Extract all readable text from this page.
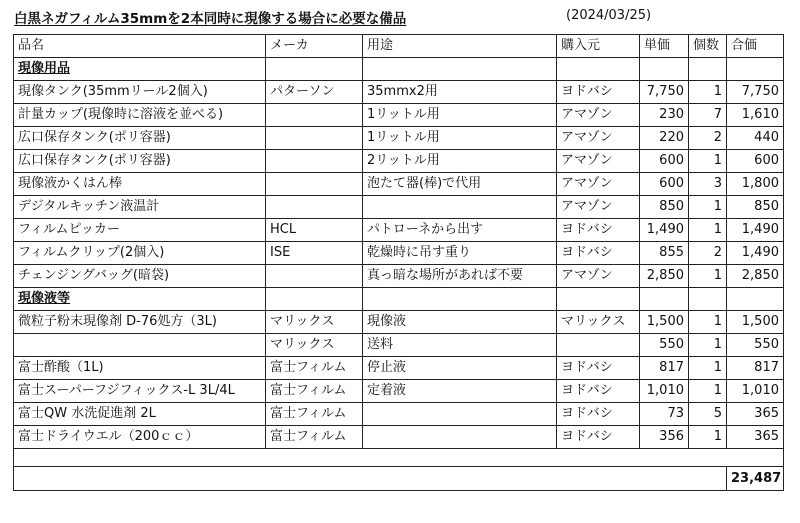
白黒ネガフィルム35mmを2本同時に現像する場合に必要な備品	(2024/03/25)
品名	メーカ	用途	購入元	単価	個数	合価
現像用品						
現像タンク(35mmリール2個入)	パターソン	35mmx2用	ヨドバシ	7,750	1	7,750
計量カップ(現像時に溶液を並べる)		1リットル用	アマゾン	230	7	1,610
広口保存タンク(ポリ容器)		1リットル用	アマゾン	220	2	440
広口保存タンク(ポリ容器)		2リットル用	アマゾン	600	1	600
現像液かくはん棒		泡たて器(棒)で代用	アマゾン	600	3	1,800
デジタルキッチン液温計			アマゾン	850	1	850
フィルムピッカー	HCL	パトローネから出す	ヨドバシ	1,490	1	1,490
フィルムクリップ(2個入)	ISE	乾燥時に吊す重り	ヨドバシ	855	2	1,490
チェンジングバッグ(暗袋)		真っ暗な場所があれば不要	アマゾン	2,850	1	2,850
現像液等						
微粒子粉末現像剤 D-76処方（3L)	マリックス	現像液	マリックス	1,500	1	1,500
	マリックス	送料		550	1	550
富士酢酸（1L)	富士フィルム	停止液	ヨドバシ	817	1	817
富士スーパーフジフィックス-L 3L/4L	富士フィルム	定着液	ヨドバシ	1,010	1	1,010
富士QW 水洗促進剤 2L	富士フィルム		ヨドバシ	73	5	365
富士ドライウエル（200ｃｃ）	富士フィルム		ヨドバシ	356	1	365

						23,487
